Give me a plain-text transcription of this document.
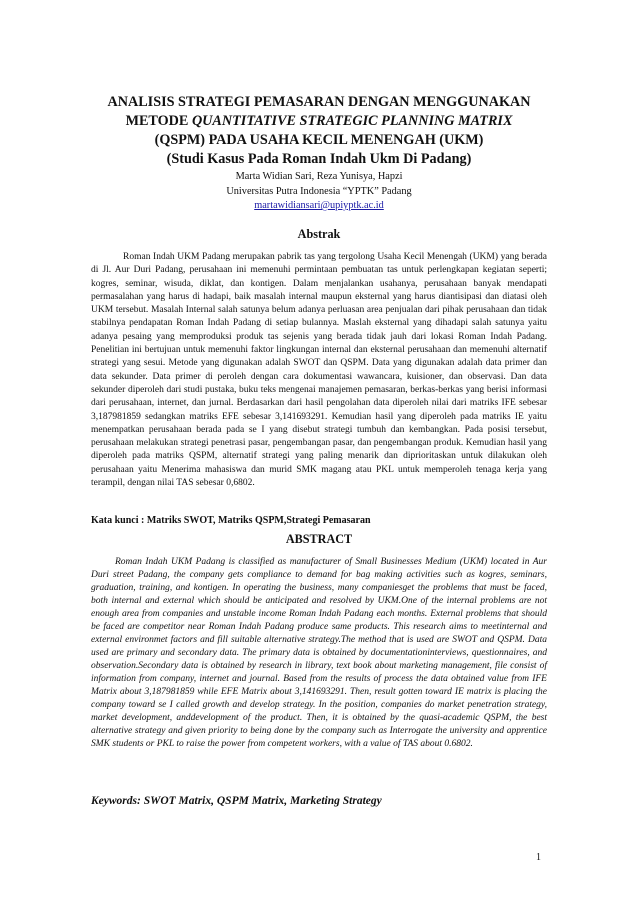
ANALISIS STRATEGI PEMASARAN DENGAN MENGGUNAKAN
METODE QUANTITATIVE STRATEGIC PLANNING MATRIX
(QSPM) PADA USAHA KECIL MENENGAH (UKM)
(Studi Kasus Pada Roman Indah Ukm Di Padang)
Marta Widian Sari, Reza Yunisya, Hapzi
Universitas Putra Indonesia “YPTK” Padang
martawidiansari@upiyptk.ac.id
Abstrak

Roman Indah UKM Padang merupakan pabrik tas yang tergolong Usaha Kecil Menengah (UKM) yang berada di Jl. Aur Duri Padang, perusahaan ini memenuhi permintaan pembuatan tas untuk perlengkapan kegiatan seperti; kogres, seminar, wisuda, diklat, dan kontigen. Dalam menjalankan usahanya, perusahaan banyak mendapati permasalahan yang harus di hadapi, baik masalah internal maupun eksternal yang harus diantisipasi dan diatasi oleh UKM tersebut. Masalah Internal salah satunya belum adanya perluasan area penjualan dari pihak perusahaan dan tidak stabilnya pendapatan Roman Indah Padang di setiap bulannya. Maslah eksternal yang dihadapi salah satunya yaitu adanya pesaing yang memproduksi produk tas sejenis yang berada tidak jauh dari lokasi Roman Indah Padang. Penelitian ini bertujuan untuk memenuhi faktor lingkungan internal dan eksternal perusahaan dan memenuhi alternatif strategi yang sesui. Metode yang digunakan adalah SWOT dan QSPM. Data yang digunakan adalah data primer dan data sekunder. Data primer di peroleh dengan cara dokumentasi wawancara, kuisioner, dan observasi. Dan data sekunder diperoleh dari studi pustaka, buku teks mengenai manajemen pemasaran, berkas-berkas yang berisi informasi dari perusahaan, internet, dan jurnal. Berdasarkan dari hasil pengolahan data diperoleh nilai dari matriks IFE sebesar 3,187981859 sedangkan matriks EFE sebesar 3,141693291. Kemudian hasil yang diperoleh pada matriks IE yaitu menempatkan perusahaan berada pada se I yang disebut strategi tumbuh dan kembangkan. Pada posisi tersebut, perusahaan melakukan strategi penetrasi pasar, pengembangan pasar, dan pengembangan produk. Kemudian hasil yang diperoleh pada matriks QSPM, alternatif strategi yang paling menarik dan diprioritaskan untuk dilakukan oleh perusahaan yaitu Menerima mahasiswa dan murid SMK magang atau PKL untuk memperoleh tenaga kerja yang terampil, dengan nilai TAS sebesar 0,6802.

Kata kunci : Matriks SWOT, Matriks QSPM,Strategi Pemasaran
ABSTRACT

Roman Indah UKM Padang is classified as manufacturer of Small Businesses Medium (UKM) located in Aur Duri street Padang, the company gets compliance to demand for bag making activities such as kogres, seminars, graduation, training, and kontigen. In operating the business, many companiesget the problems that must be faced, both internal and external which should be anticipated and resolved by UKM.One of the internal problems are not enough area from companies and unstable income Roman Indah Padang each months. External problems that should be faced are competitor near Roman Indah Padang produce same products. This research aims to meetinternal and external environmet factors and fill suitable alternative strategy.The method that is used are SWOT and QSPM. Data used are primary and secondary data. The primary data is obtained by documentationinterviews, questionnaires, and observation.Secondary data is obtained by research in library, text book about marketing management, file consist of information from company, internet and journal. Based from the results of process the data obtained value from IFE Matrix about 3,187981859 while EFE Matrix about 3,141693291. Then, result gotten toward IE matrix is placing the company toward se I called growth and develop strategy. In the position, companies do market penetration strategy, market development, anddevelopment of the product. Then, it is obtained by the quasi-academic QSPM, the best alternative strategy and given priority to being done by the company such as Interrogate the university and apprentice SMK students or PKL to raise the power from competent workers, with a value of TAS about 0.6802.

Keywords: SWOT Matrix, QSPM Matrix, Marketing Strategy
1
